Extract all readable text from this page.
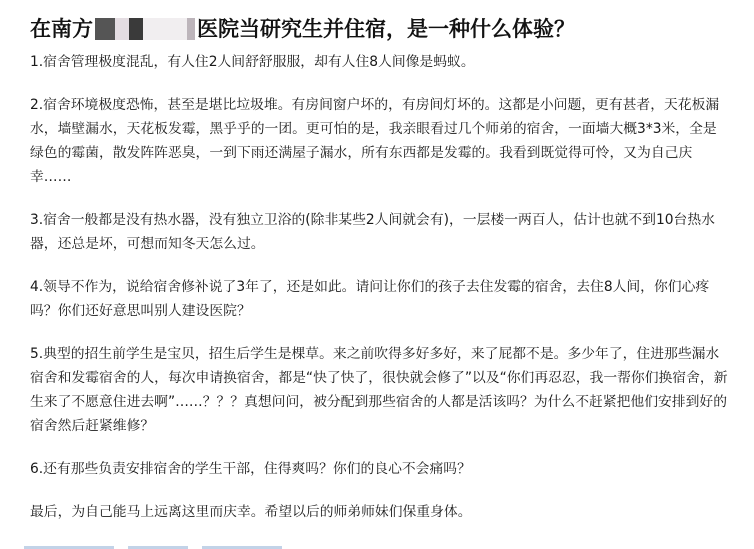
在南方	医院当研究生并住宿，是一种什么体验？

1.宿舍管理极度混乱，有人住2人间舒舒服服，却有人住8人间像是蚂蚁。

2.宿舍环境极度恐怖，甚至是堪比垃圾堆。有房间窗户坏的，有房间灯坏的。这都是小问题，更有甚者，天花板漏水，墙壁漏水，天花板发霉，黑乎乎的一团。更可怕的是，我亲眼看过几个师弟的宿舍，一面墙大概3*3米，全是绿色的霉菌，散发阵阵恶臭，一到下雨还满屋子漏水，所有东西都是发霉的。我看到既觉得可怜，又为自己庆幸……

3.宿舍一般都是没有热水器，没有独立卫浴的(除非某些2人间就会有)，一层楼一两百人，估计也就不到10台热水器，还总是坏，可想而知冬天怎么过。

4.领导不作为，说给宿舍修补说了3年了，还是如此。请问让你们的孩子去住发霉的宿舍，去住8人间，你们心疼吗？你们还好意思叫别人建设医院？

5.典型的招生前学生是宝贝，招生后学生是棵草。来之前吹得多好多好，来了屁都不是。多少年了，住进那些漏水宿舍和发霉宿舍的人，每次申请换宿舍，都是“快了快了，很快就会修了”以及“你们再忍忍，我一帮你们换宿舍，新生来了不愿意住进去啊”……？？？真想问问，被分配到那些宿舍的人都是活该吗？为什么不赶紧把他们安排到好的宿舍然后赶紧维修？

6.还有那些负责安排宿舍的学生干部，住得爽吗？你们的良心不会痛吗？

最后，为自己能马上远离这里而庆幸。希望以后的师弟师妹们保重身体。
